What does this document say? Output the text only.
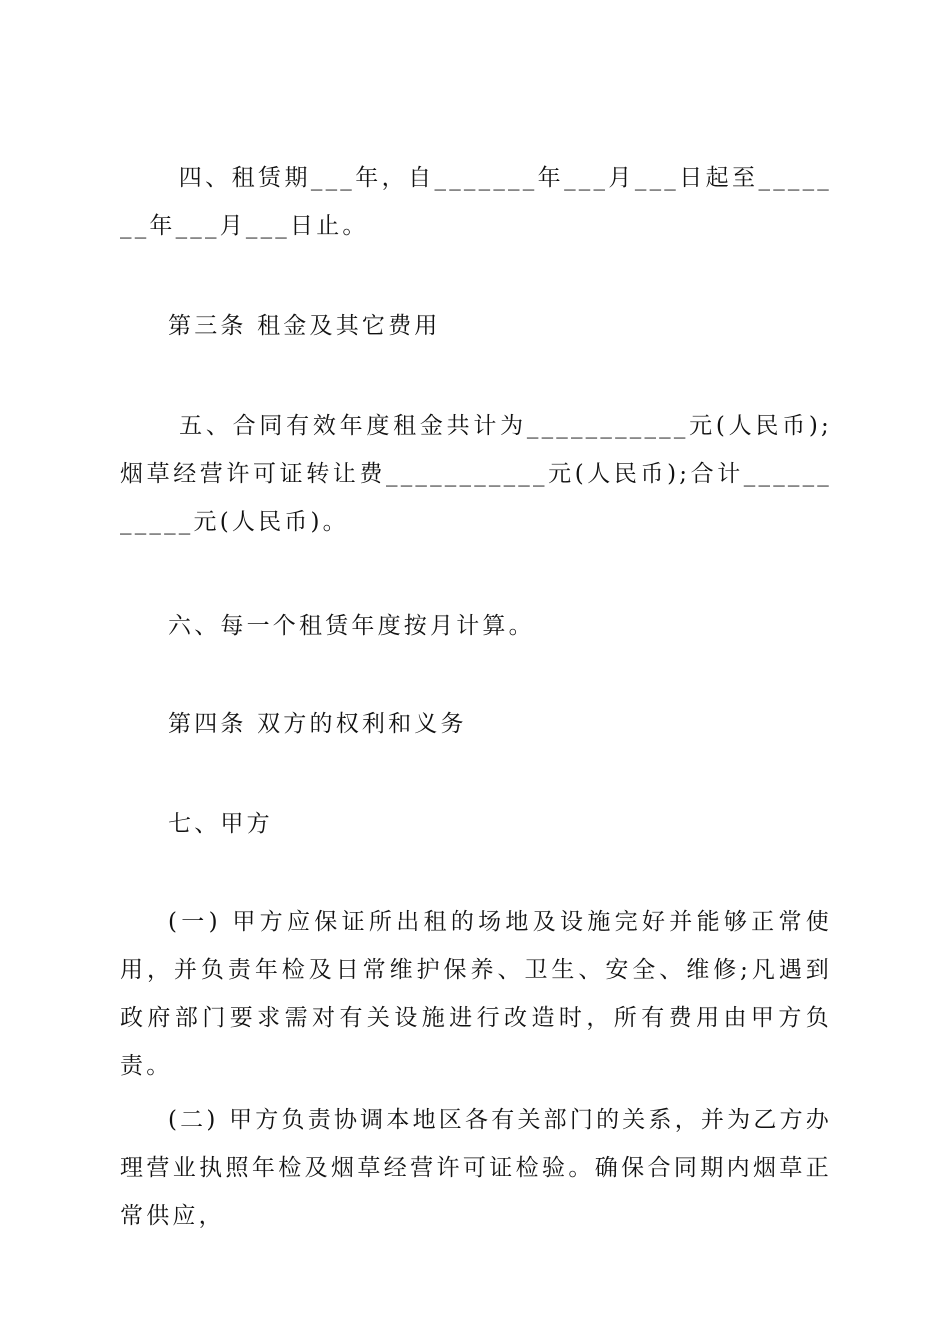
四、租赁期___年，自_______年___月___日起至_______年___月___日止。

第三条 租金及其它费用

五、合同有效年度租金共计为___________元(人民币);烟草经营许可证转让费___________元(人民币);合计___________元(人民币)。

六、每一个租赁年度按月计算。

第四条 双方的权利和义务

七、甲方

(一) 甲方应保证所出租的场地及设施完好并能够正常使用，并负责年检及日常维护保养、卫生、安全、维修;凡遇到政府部门要求需对有关设施进行改造时，所有费用由甲方负责。

(二) 甲方负责协调本地区各有关部门的关系，并为乙方办理营业执照年检及烟草经营许可证检验。确保合同期内烟草正常供应，
